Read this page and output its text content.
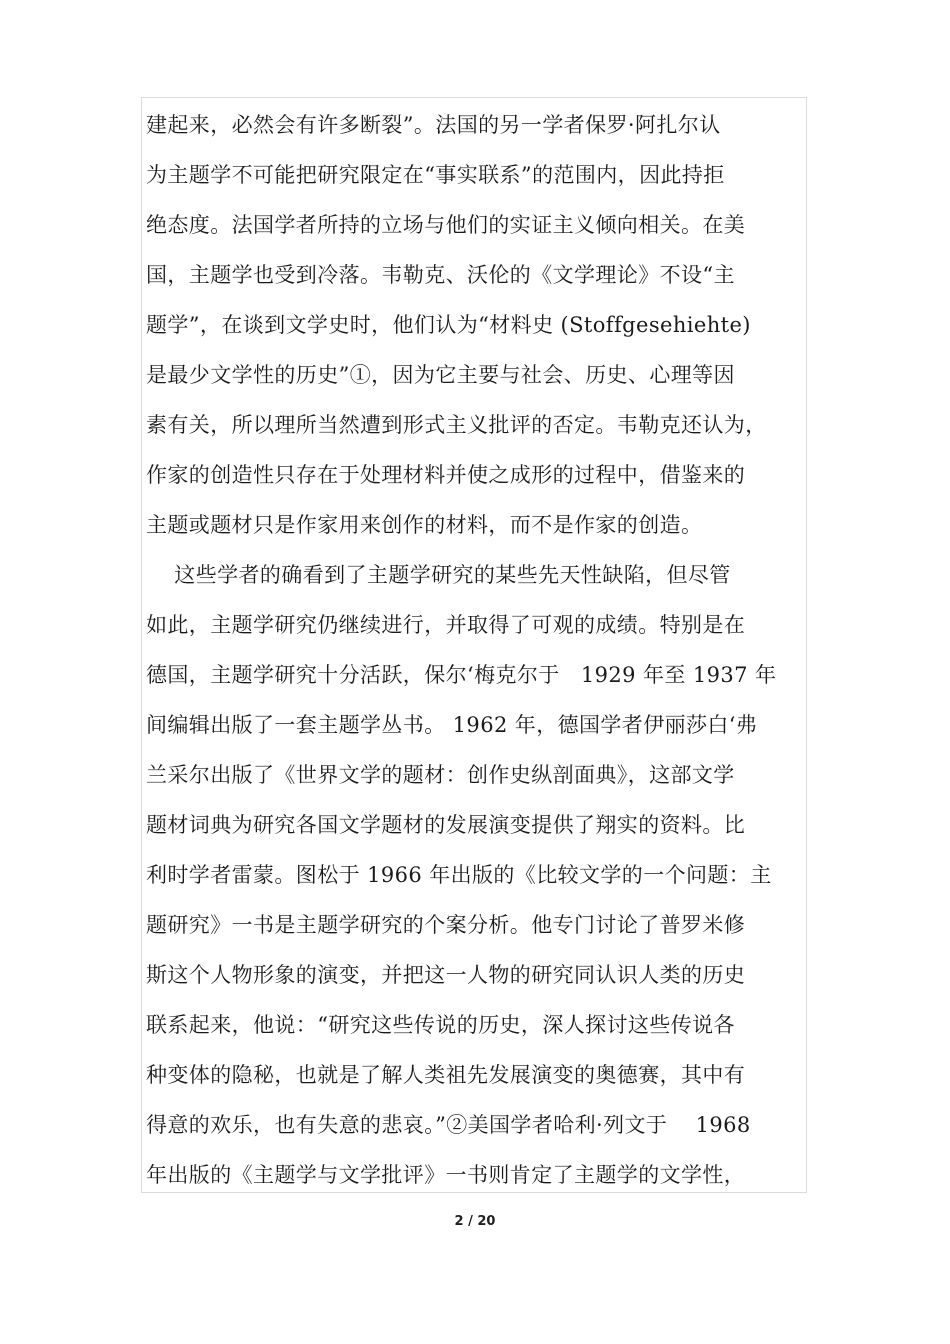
建起来，必然会有许多断裂”。法国的另一学者保罗·阿扎尔认
为主题学不可能把研究限定在“事实联系”的范围内，因此持拒
绝态度。法国学者所持的立场与他们的实证主义倾向相关。在美
国，主题学也受到冷落。韦勒克、沃伦的《文学理论》不设“主
题学”，在谈到文学史时，他们认为“材料史 (Stoffgesehiehte)
是最少文学性的历史”①，因为它主要与社会、历史、心理等因
素有关，所以理所当然遭到形式主义批评的否定。韦勒克还认为，
作家的创造性只存在于处理材料并使之成形的过程中，借鉴来的
主题或题材只是作家用来创作的材料，而不是作家的创造。
这些学者的确看到了主题学研究的某些先天性缺陷，但尽管
如此，主题学研究仍继续进行，并取得了可观的成绩。特别是在
德国，主题学研究十分活跃，保尔‘梅克尔于   1929 年至 1937 年
间编辑出版了一套主题学丛书。 1962 年，德国学者伊丽莎白‘弗
兰采尔出版了《世界文学的题材：创作史纵剖面典》，这部文学
题材词典为研究各国文学题材的发展演变提供了翔实的资料。比
利时学者雷蒙。图松于 1966 年出版的《比较文学的一个问题：主
题研究》一书是主题学研究的个案分析。他专门讨论了普罗米修
斯这个人物形象的演变，并把这一人物的研究同认识人类的历史
联系起来，他说：“研究这些传说的历史，深人探讨这些传说各
种变体的隐秘，也就是了解人类祖先发展演变的奥德赛，其中有
得意的欢乐，也有失意的悲哀。”②美国学者哈利·列文于    1968
年出版的《主题学与文学批评》一书则肯定了主题学的文学性，
2 / 20
